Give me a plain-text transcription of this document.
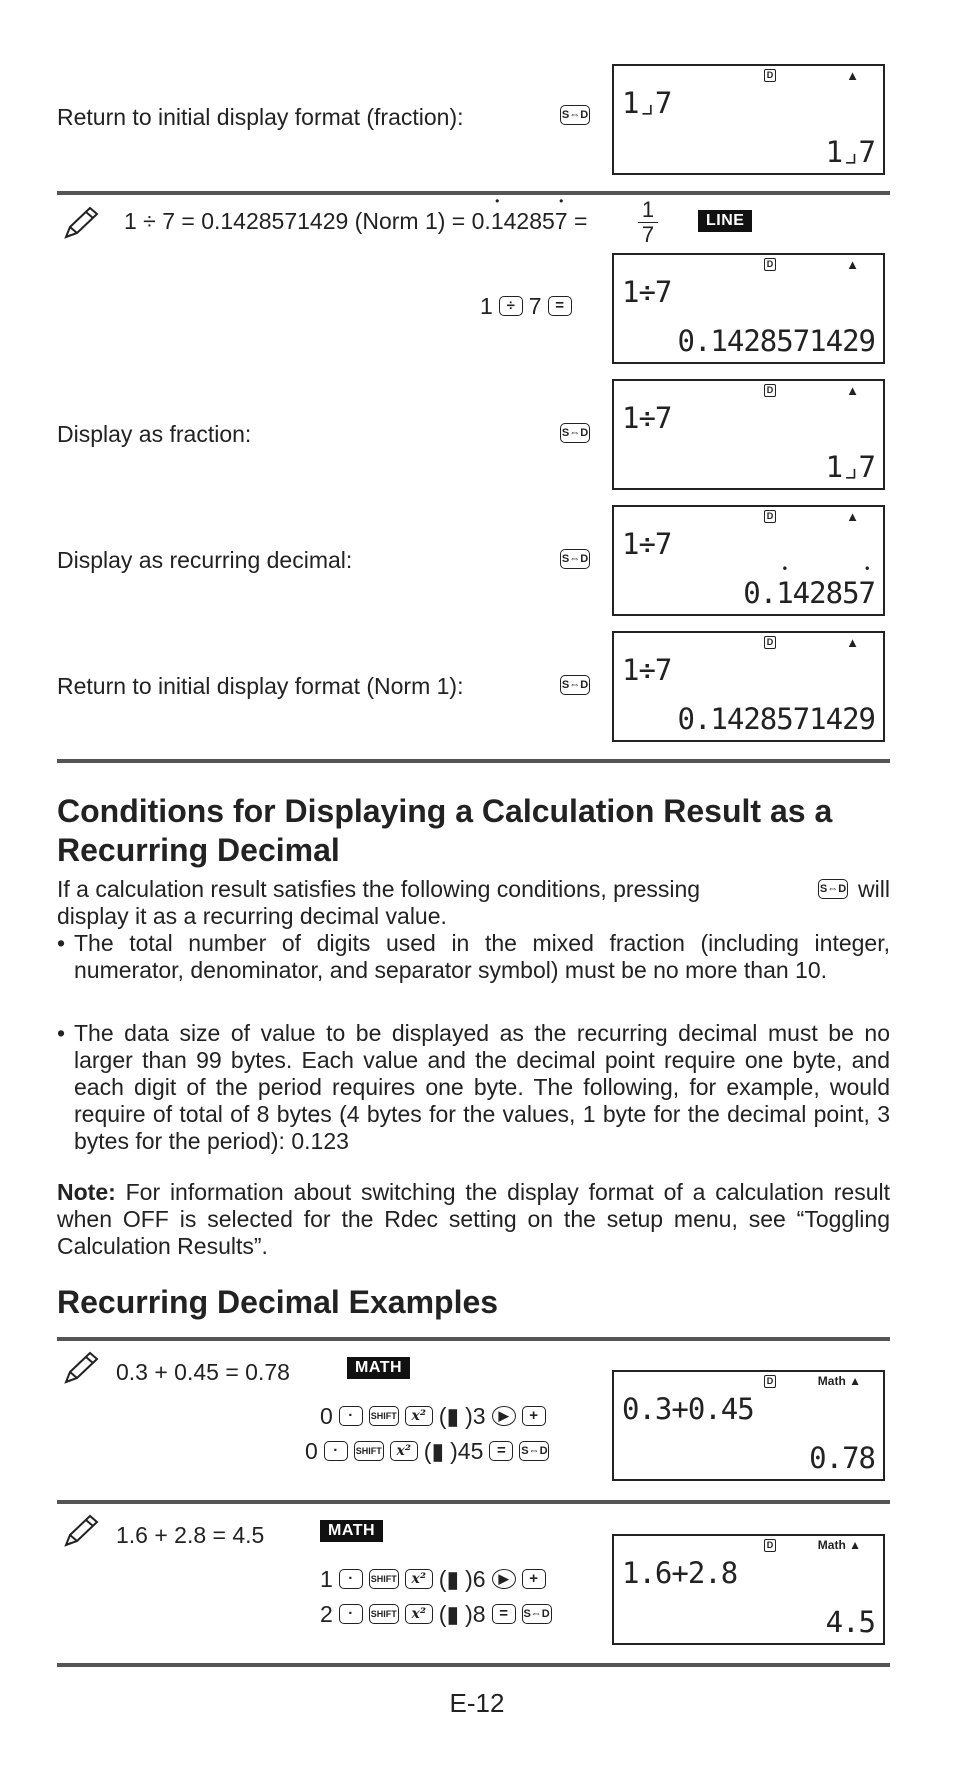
Return to initial display format (fraction):	S⇔D
D	▲
1⌟7
1⌟7
1 ÷ 7 = 0.1428571429 (Norm 1) = 0.• 14285• $7 = \frac{1}{7}$	LINE
1 ÷ 7 =
D	▲
1÷7
0.1428571429
Display as fraction:	S⇔D
D	▲
1÷7
1⌟7
Display as recurring decimal:	S⇔D
D	▲
1÷7
0.• 14285• 7
Return to initial display format (Norm 1):	S⇔D
D	▲
1÷7
0.1428571429
Conditions for Displaying a Calculation Result as a
Recurring Decimal
If a calculation result satisfies the following conditions, pressing	S⇔D will
display it as a recurring decimal value.
• The total number of digits used in the mixed fraction (including integer, numerator, denominator, and separator symbol) must be no more than 10.
• The data size of value to be displayed as the recurring decimal must be no larger than 99 bytes. Each value and the decimal point require one byte, and each digit of the period requires one byte. The following, for example, would require of total of 8 bytes (4 bytes for the values, 1 byte for the decimal point, 3 bytes for the period): 0.• 12• 3
Note: For information about switching the display format of a calculation result when OFF is selected for the Rdec setting on the setup menu, see “Toggling Calculation Results”.
Recurring Decimal Examples
0.3 + 0.45 = 0.78	MATH
0	·	SHIFT	x² (▮ )3	▶	+
0	·	SHIFT	x² (▮ )45 =	S⇔D
D	Math ▲
0.3+0.45
0.78
1.6 + 2.8 = 4.5	MATH
1	·	SHIFT	x² (▮ )6	▶	+
2	·	SHIFT	x² (▮ )8 =	S⇔D
D	Math ▲
1.6+2.8
4.5
E-12
